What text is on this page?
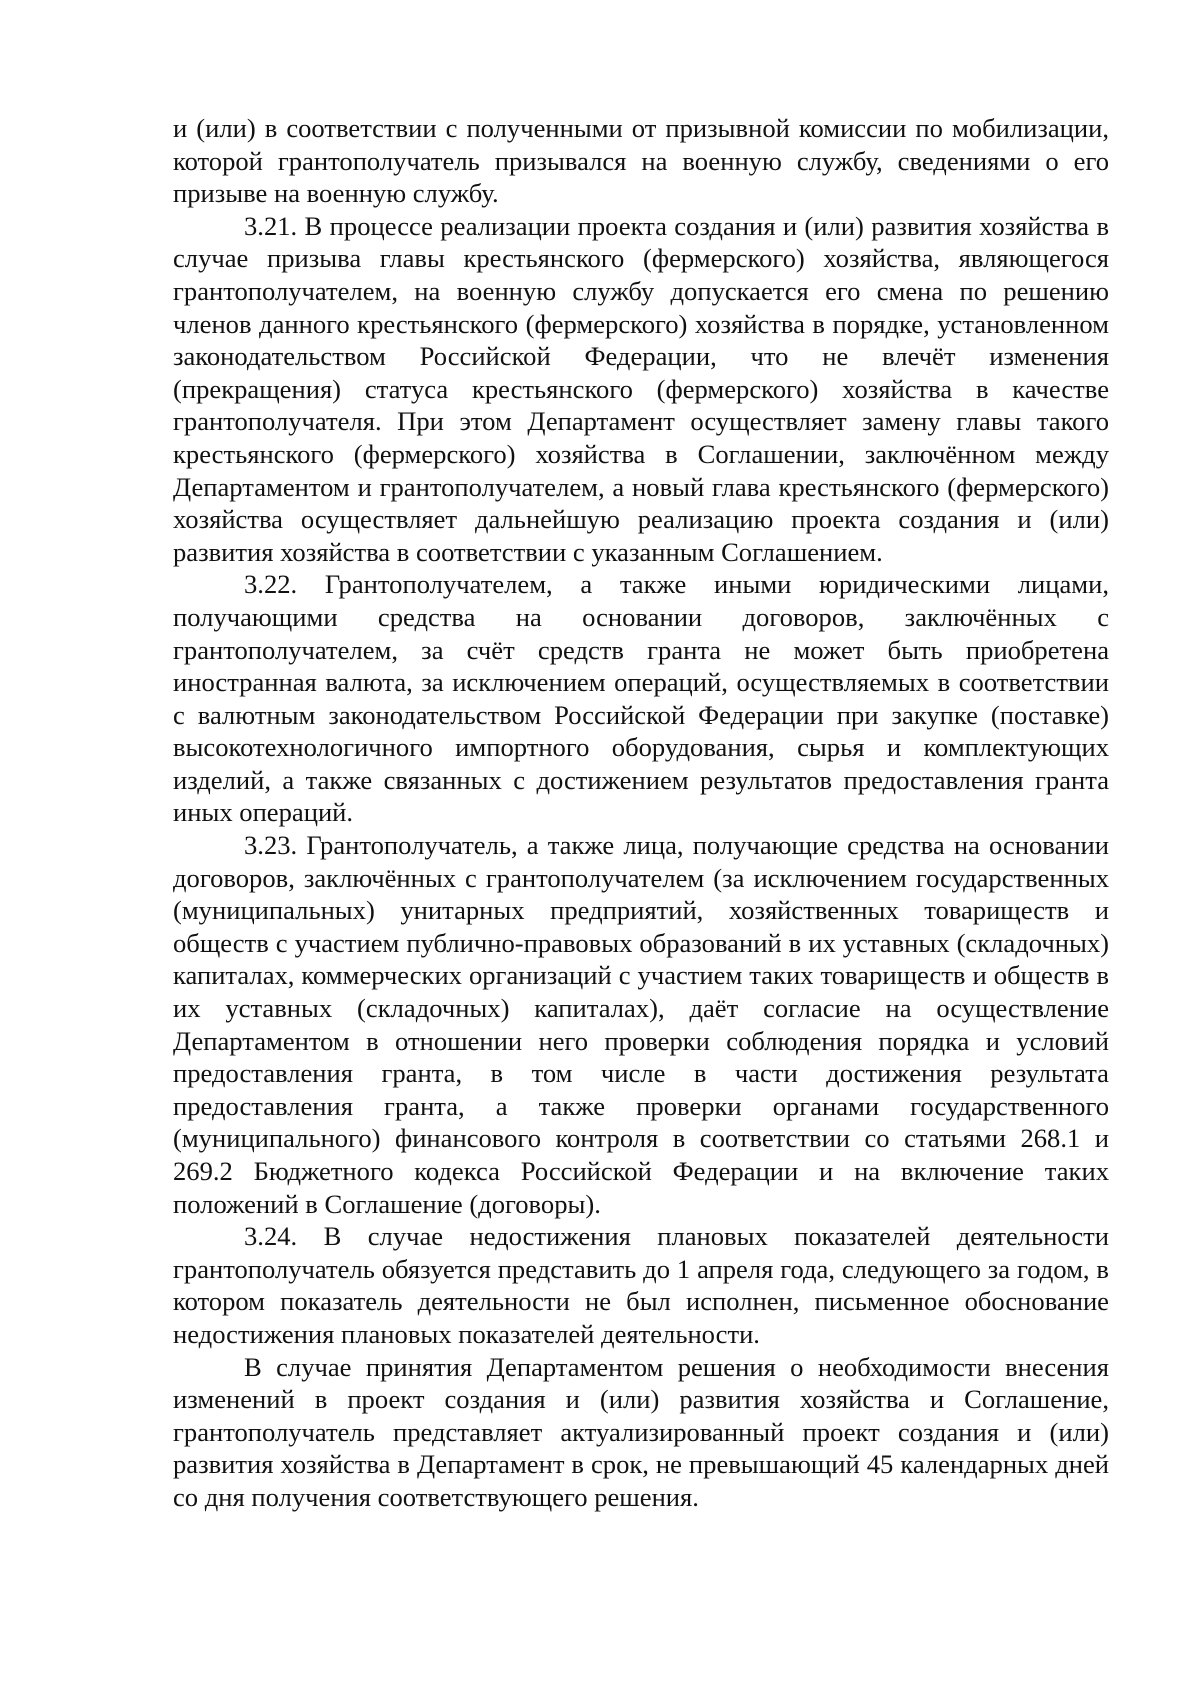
и (или) в соответствии с полученными от призывной комиссии по мобилизации, которой грантополучатель призывался на военную службу, сведениями о его призыве на военную службу.

3.21. В процессе реализации проекта создания и (или) развития хозяйства в случае призыва главы крестьянского (фермерского) хозяйства, являющегося грантополучателем, на военную службу допускается его смена по решению членов данного крестьянского (фермерского) хозяйства в порядке, установленном законодательством Российской Федерации, что не влечёт изменения (прекращения) статуса крестьянского (фермерского) хозяйства в качестве грантополучателя. При этом Департамент осуществляет замену главы такого крестьянского (фермерского) хозяйства в Соглашении, заключённом между Департаментом и грантополучателем, а новый глава крестьянского (фермерского) хозяйства осуществляет дальнейшую реализацию проекта создания и (или) развития хозяйства в соответствии с указанным Соглашением.

3.22. Грантополучателем, а также иными юридическими лицами, получающими средства на основании договоров, заключённых с грантополучателем, за счёт средств гранта не может быть приобретена иностранная валюта, за исключением операций, осуществляемых в соответствии с валютным законодательством Российской Федерации при закупке (поставке) высокотехнологичного импортного оборудования, сырья и комплектующих изделий, а также связанных с достижением результатов предоставления гранта иных операций.

3.23. Грантополучатель, а также лица, получающие средства на основании договоров, заключённых с грантополучателем (за исключением государственных (муниципальных) унитарных предприятий, хозяйственных товариществ и обществ с участием публично-правовых образований в их уставных (складочных) капиталах, коммерческих организаций с участием таких товариществ и обществ в их уставных (складочных) капиталах), даёт согласие на осуществление Департаментом в отношении него проверки соблюдения порядка и условий предоставления гранта, в том числе в части достижения результата предоставления гранта, а также проверки органами государственного (муниципального) финансового контроля в соответствии со статьями 268.1 и 269.2 Бюджетного кодекса Российской Федерации и на включение таких положений в Соглашение (договоры).

3.24. В случае недостижения плановых показателей деятельности грантополучатель обязуется представить до 1 апреля года, следующего за годом, в котором показатель деятельности не был исполнен, письменное обоснование недостижения плановых показателей деятельности.

В случае принятия Департаментом решения о необходимости внесения изменений в проект создания и (или) развития хозяйства и Соглашение, грантополучатель представляет актуализированный проект создания и (или) развития хозяйства в Департамент в срок, не превышающий 45 календарных дней со дня получения соответствующего решения.
